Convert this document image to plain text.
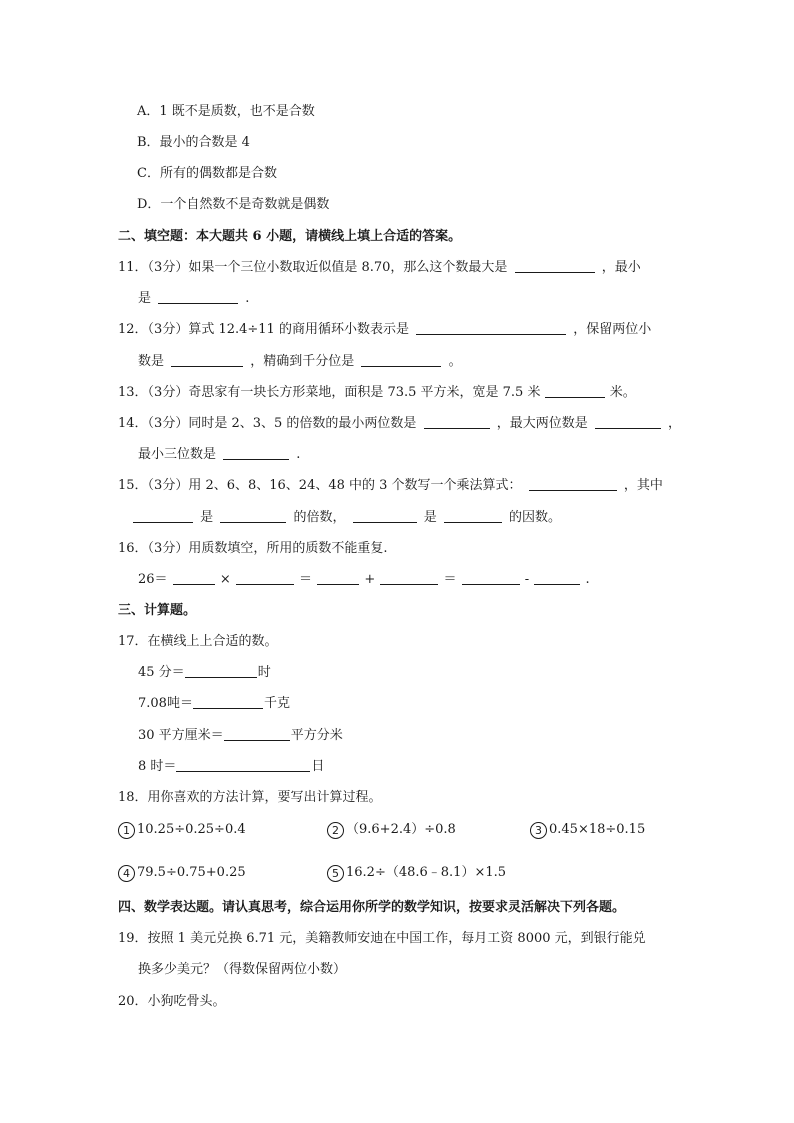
A．1 既不是质数，也不是合数
B．最小的合数是 4
C．所有的偶数都是合数
D．一个自然数不是奇数就是偶数
二、填空题：本大题共 6 小题，请横线上填上合适的答案。
11．（3分）如果一个三位小数取近似值是 8.70，那么这个数最大是	，最小
是	.
12．（3分）算式 12.4÷11 的商用循环小数表示是	，保留两位小
数是	，精确到千分位是	。
13．（3分）奇思家有一块长方形菜地，面积是 73.5 平方米，宽是 7.5 米	米。
14．（3分）同时是 2、3、5 的倍数的最小两位数是	，最大两位数是	，
最小三位数是	.
15．（3分）用 2、6、8、16、24、48 中的 3 个数写一个乘法算式：	，其中
是	的倍数，	是	的因数。
16．（3分）用质数填空，所用的质数不能重复.
26＝	×	＝	+	＝	-	.
三、计算题。
17．在横线上上合适的数。
45 分＝	时
7.08吨＝	千克
30 平方厘米＝	平方分米
8 时＝	日
18．用你喜欢的方法计算，要写出计算过程。
1 10.25÷0.25÷0.4	2 （9.6+2.4）÷0.8	3 0.45×18÷0.15
4 79.5÷0.75+0.25	5 16.2÷（48.6﹣8.1）×1.5
四、数学表达题。请认真思考，综合运用你所学的数学知识，按要求灵活解决下列各题。
19．按照 1 美元兑换 6.71 元，美籍教师安迪在中国工作，每月工资 8000 元，到银行能兑
换多少美元？（得数保留两位小数）
20．小狗吃骨头。
